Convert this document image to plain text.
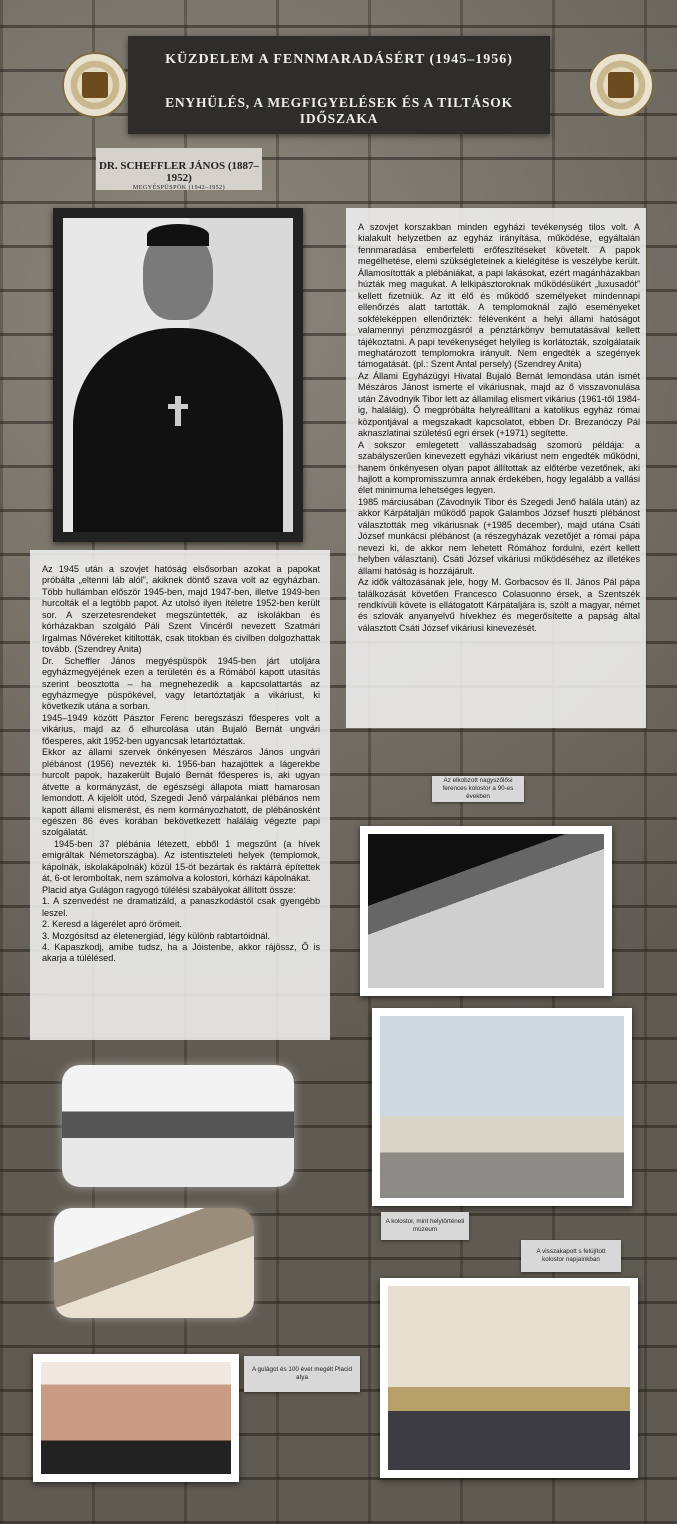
KÜZDELEM A FENNMARADÁSÉRT (1945–1956)
ENYHÜLÉS, A MEGFIGYELÉSEK ÉS A TILTÁSOK IDŐSZAKA
DR. SCHEFFLER JÁNOS (1887–1952)
MEGYÉSPÜSPÖK (1942–1952)

A szovjet korszakban minden egyházi tevékenység tilos volt. A kialakult helyzetben az egyház irányítása, működése, egyáltalán fennmaradása emberfeletti erőfeszítéseket követelt. A papok megélhetése, elemi szükségleteinek a kielégítése is veszélybe került. Államosították a plébániákat, a papi lakásokat, ezért magánházakban húzták meg magukat. A lelkipásztoroknak működésükért „luxusadót” kellett fizetniük. Az itt élő és működő személyeket mindennapi ellenőrzés alatt tartották. A templomoknál zajló eseményeket sokféleképpen ellenőrizték: félévenként a helyi állami hatóságot valamennyi pénzmozgásról a pénztárkönyv bemutatásával kellett tájékoztatni. A papi tevékenységet helyileg is korlátozták, szolgálataik meghatározott templomokra irányult. Nem engedték a szegények támogatását. (pl.: Szent Antal persely) (Szendrey Anita)

Az Állami Egyházügyi Hivatal Bujaló Bernát lemondása után ismét Mészáros Jánost ismerte el vikáriusnak, majd az ő visszavonulása után Závodnyik Tibor lett az államilag elismert vikárius (1961-től 1984-ig, haláláig). Ő megpróbálta helyreállítani a katolikus egyház római központjával a megszakadt kapcsolatot, ebben Dr. Brezanóczy Pál aknaszlatinai születésű egri érsek (+1971) segítette.

A sokszor emlegetett vallásszabadság szomorú példája: a szabályszerűen kinevezett egyházi vikáriust nem engedték működni, hanem önkényesen olyan papot állítottak az előtérbe vezetőnek, aki hajlott a kompromisszumra annak érdekében, hogy legalább a vallási élet minimuma lehetséges legyen.

1985 márciusában (Závodnyik Tibor és Szegedi Jenő halála után) az akkor Kárpátalján működő papok Galambos József huszti plébánost választották meg vikáriusnak (+1985 december), majd utána Csáti József munkácsi plébánost (a részegyházak vezetőjét a római pápa nevezi ki, de akkor nem lehetett Rómához fordulni, ezért kellett helyben választani). Csáti József vikáriusi működéséhez az illetékes állami hatóság is hozzájárult.

Az idők változásának jele, hogy M. Gorbacsov és II. János Pál pápa találkozását követően Francesco Colasuonno érsek, a Szentszék rendkívüli követe is ellátogatott Kárpátaljára is, szólt a magyar, német és szlovák anyanyelvű hívekhez és megerősítette a papság által választott Csáti József vikáriusi kinevezését.

Az 1945 után a szovjet hatóság elsősorban azokat a papokat próbálta „eltenni láb alól”, akiknek döntő szava volt az egyházban. Több hullámban először 1945-ben, majd 1947-ben, illetve 1949-ben hurcolták el a legtöbb papot. Az utolsó ilyen ítéletre 1952-ben került sor. A szerzetesrendeket megszüntették, az iskolákban és kórházakban szolgáló Páli Szent Vincéről nevezett Szatmári Irgalmas Nővéreket kitiltották, csak titokban és civilben dolgozhattak tovább. (Szendrey Anita)

Dr. Scheffler János megyéspüspök 1945-ben járt utoljára egyházmegyéjének ezen a területén és a Rómából kapott utasítás szerint beosztotta – ha megnehezedik a kapcsolattartás az egyházmegye püspökével, vagy letartóztatják a vikáriust, ki következik utána a sorban.

1945–1949 között Pásztor Ferenc beregszászi főesperes volt a vikárius, majd az ő elhurcolása után Bujaló Bernát ungvári főesperes, akit 1952-ben ugyancsak letartóztattak.

Ekkor az állami szervek önkényesen Mészáros János ungvári plébánost (1956) nevezték ki. 1956-ban hazajöttek a lágerekbe hurcolt papok, hazakerült Bujaló Bernát főesperes is, aki ugyan átvette a kormányzást, de egészségi állapota miatt hamarosan lemondott. A kijelölt utód, Szegedi Jenő várpalánkai plébános nem kapott állami elismerést, és nem kormányozhatott, de plébánosként egészen 86 éves korában bekövetkezett haláláig végezte papi szolgálatát.

1945-ben 37 plébánia létezett, ebből 1 megszűnt (a hívek emigráltak Németországba). Az istentiszteleti helyek (templomok, kápolnák, iskolakápolnák) közül 15-öt bezártak és raktárrá építettek át, 6-ot leromboltak, nem számolva a kolostori, kórházi kápolnákat.

Placid atya Gulágon ragyogó túlélési szabályokat állított össze:

1. A szenvedést ne dramatizáld, a panaszkodástól csak gyengébb leszel.

2. Keresd a lágerélet apró örömeit.

3. Mozgósítsd az életenergiád, légy különb rabtartóidnál.

4. Kapaszkodj, amibe tudsz, ha a Jóistenbe, akkor rájössz, Ő is akarja a túlélésed.

Az elkobzott nagyszőlősi ferences kolostor a 90-es években
A kolostor, mint helytörténeti múzeum
A visszakapott s felújított kolostor napjainkban
A gulágot és 100 évet megélt Placid atya
